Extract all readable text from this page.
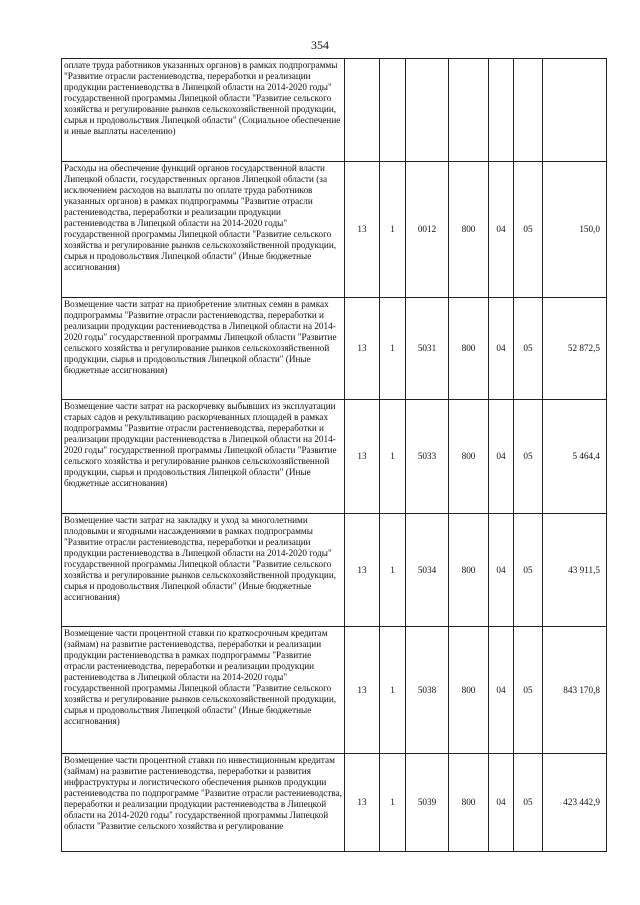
354
оплате труда работников указанных органов) в рамках подпрограммы "Развитие отрасли растениеводства, переработки и реализации продукции растениеводства в Липецкой области на 2014-2020 годы" государственной программы Липецкой области "Развитие сельского хозяйства и регулирование рынков сельскохозяйственной продукции, сырья и продовольствия Липецкой области" (Социальное обеспечение и иные выплаты населению)							
Расходы на обеспечение функций органов государственной власти Липецкой области, государственных органов Липецкой области (за исключением расходов на выплаты по оплате труда работников указанных органов) в рамках подпрограммы "Развитие отрасли растениеводства, переработки и реализации продукции растениеводства в Липецкой области на 2014-2020 годы" государственной программы Липецкой области "Развитие сельского хозяйства и регулирование рынков сельскохозяйственной продукции, сырья и продовольствия Липецкой области" (Иные бюджетные ассигнования)	13	1	0012	800	04	05	150,0
Возмещение части затрат на приобретение элитных семян в рамках подпрограммы "Развитие отрасли растениеводства, переработки и реализации продукции растениеводства в Липецкой области на 2014-2020 годы" государственной программы Липецкой области "Развитие сельского хозяйства и регулирование рынков сельскохозяйственной продукции, сырья и продовольствия Липецкой области" (Иные бюджетные ассигнования)	13	1	5031	800	04	05	52 872,5
Возмещение части затрат на раскорчевку выбывших из эксплуатации старых садов и рекультивацию раскорчеванных площадей в рамках подпрограммы "Развитие отрасли растениеводства, переработки и реализации продукции растениеводства в Липецкой области на 2014-2020 годы" государственной программы Липецкой области "Развитие сельского хозяйства и регулирование рынков сельскохозяйственной продукции, сырья и продовольствия Липецкой области" (Иные бюджетные ассигнования)	13	1	5033	800	04	05	5 464,4
Возмещение части затрат на закладку и уход за многолетними плодовыми и ягодными насаждениями в рамках подпрограммы "Развитие отрасли растениеводства, переработки и реализации продукции растениеводства в Липецкой области на 2014-2020 годы" государственной программы Липецкой области "Развитие сельского хозяйства и регулирование рынков сельскохозяйственной продукции, сырья и продовольствия Липецкой области" (Иные бюджетные ассигнования)	13	1	5034	800	04	05	43 911,5
Возмещение части процентной ставки по краткосрочным кредитам (займам) на развитие растениеводства, переработки и реализации продукции растениеводства в рамках подпрограммы "Развитие отрасли растениеводства, переработки и реализации продукции растениеводства в Липецкой области на 2014-2020 годы" государственной программы Липецкой области "Развитие сельского хозяйства и регулирование рынков сельскохозяйственной продукции, сырья и продовольствия Липецкой области" (Иные бюджетные ассигнования)	13	1	5038	800	04	05	843 170,8
Возмещение части процентной ставки по инвестиционным кредитам (займам) на развитие растениеводства, переработки и развития инфраструктуры и логистического обеспечения рынков продукции растениеводства по подпрограмме "Развитие отрасли растениеводства, переработки и реализации продукции растениеводства в Липецкой области на 2014-2020 годы" государственной программы Липецкой области "Развитие сельского хозяйства и регулирование	13	1	5039	800	04	05	423 442,9
